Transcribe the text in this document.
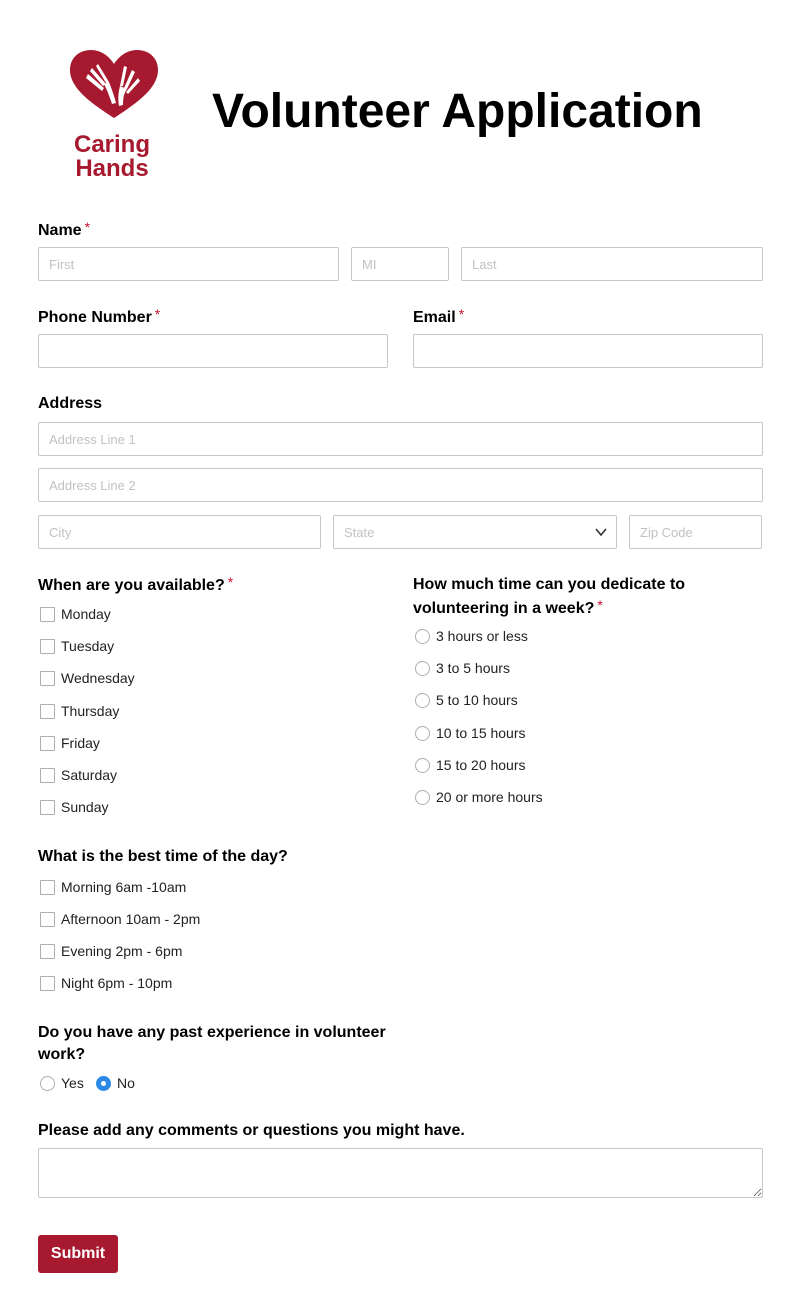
Caring
Hands
Volunteer Application
Name *
First
MI
Last
Phone Number *	Email *
Address
Address Line 1
Address Line 2
City
State
Zip Code
When are you available? *
Monday
Tuesday
Wednesday
Thursday
Friday
Saturday
Sunday
How much time can you dedicate to
volunteering in a week? *
3 hours or less
3 to 5 hours
5 to 10 hours
10 to 15 hours
15 to 20 hours
20 or more hours
What is the best time of the day?
Morning 6am -10am
Afternoon 10am - 2pm
Evening 2pm - 6pm
Night 6pm - 10pm
Do you have any past experience in volunteer
work?
Yes No
Please add any comments or questions you might have.
Submit
